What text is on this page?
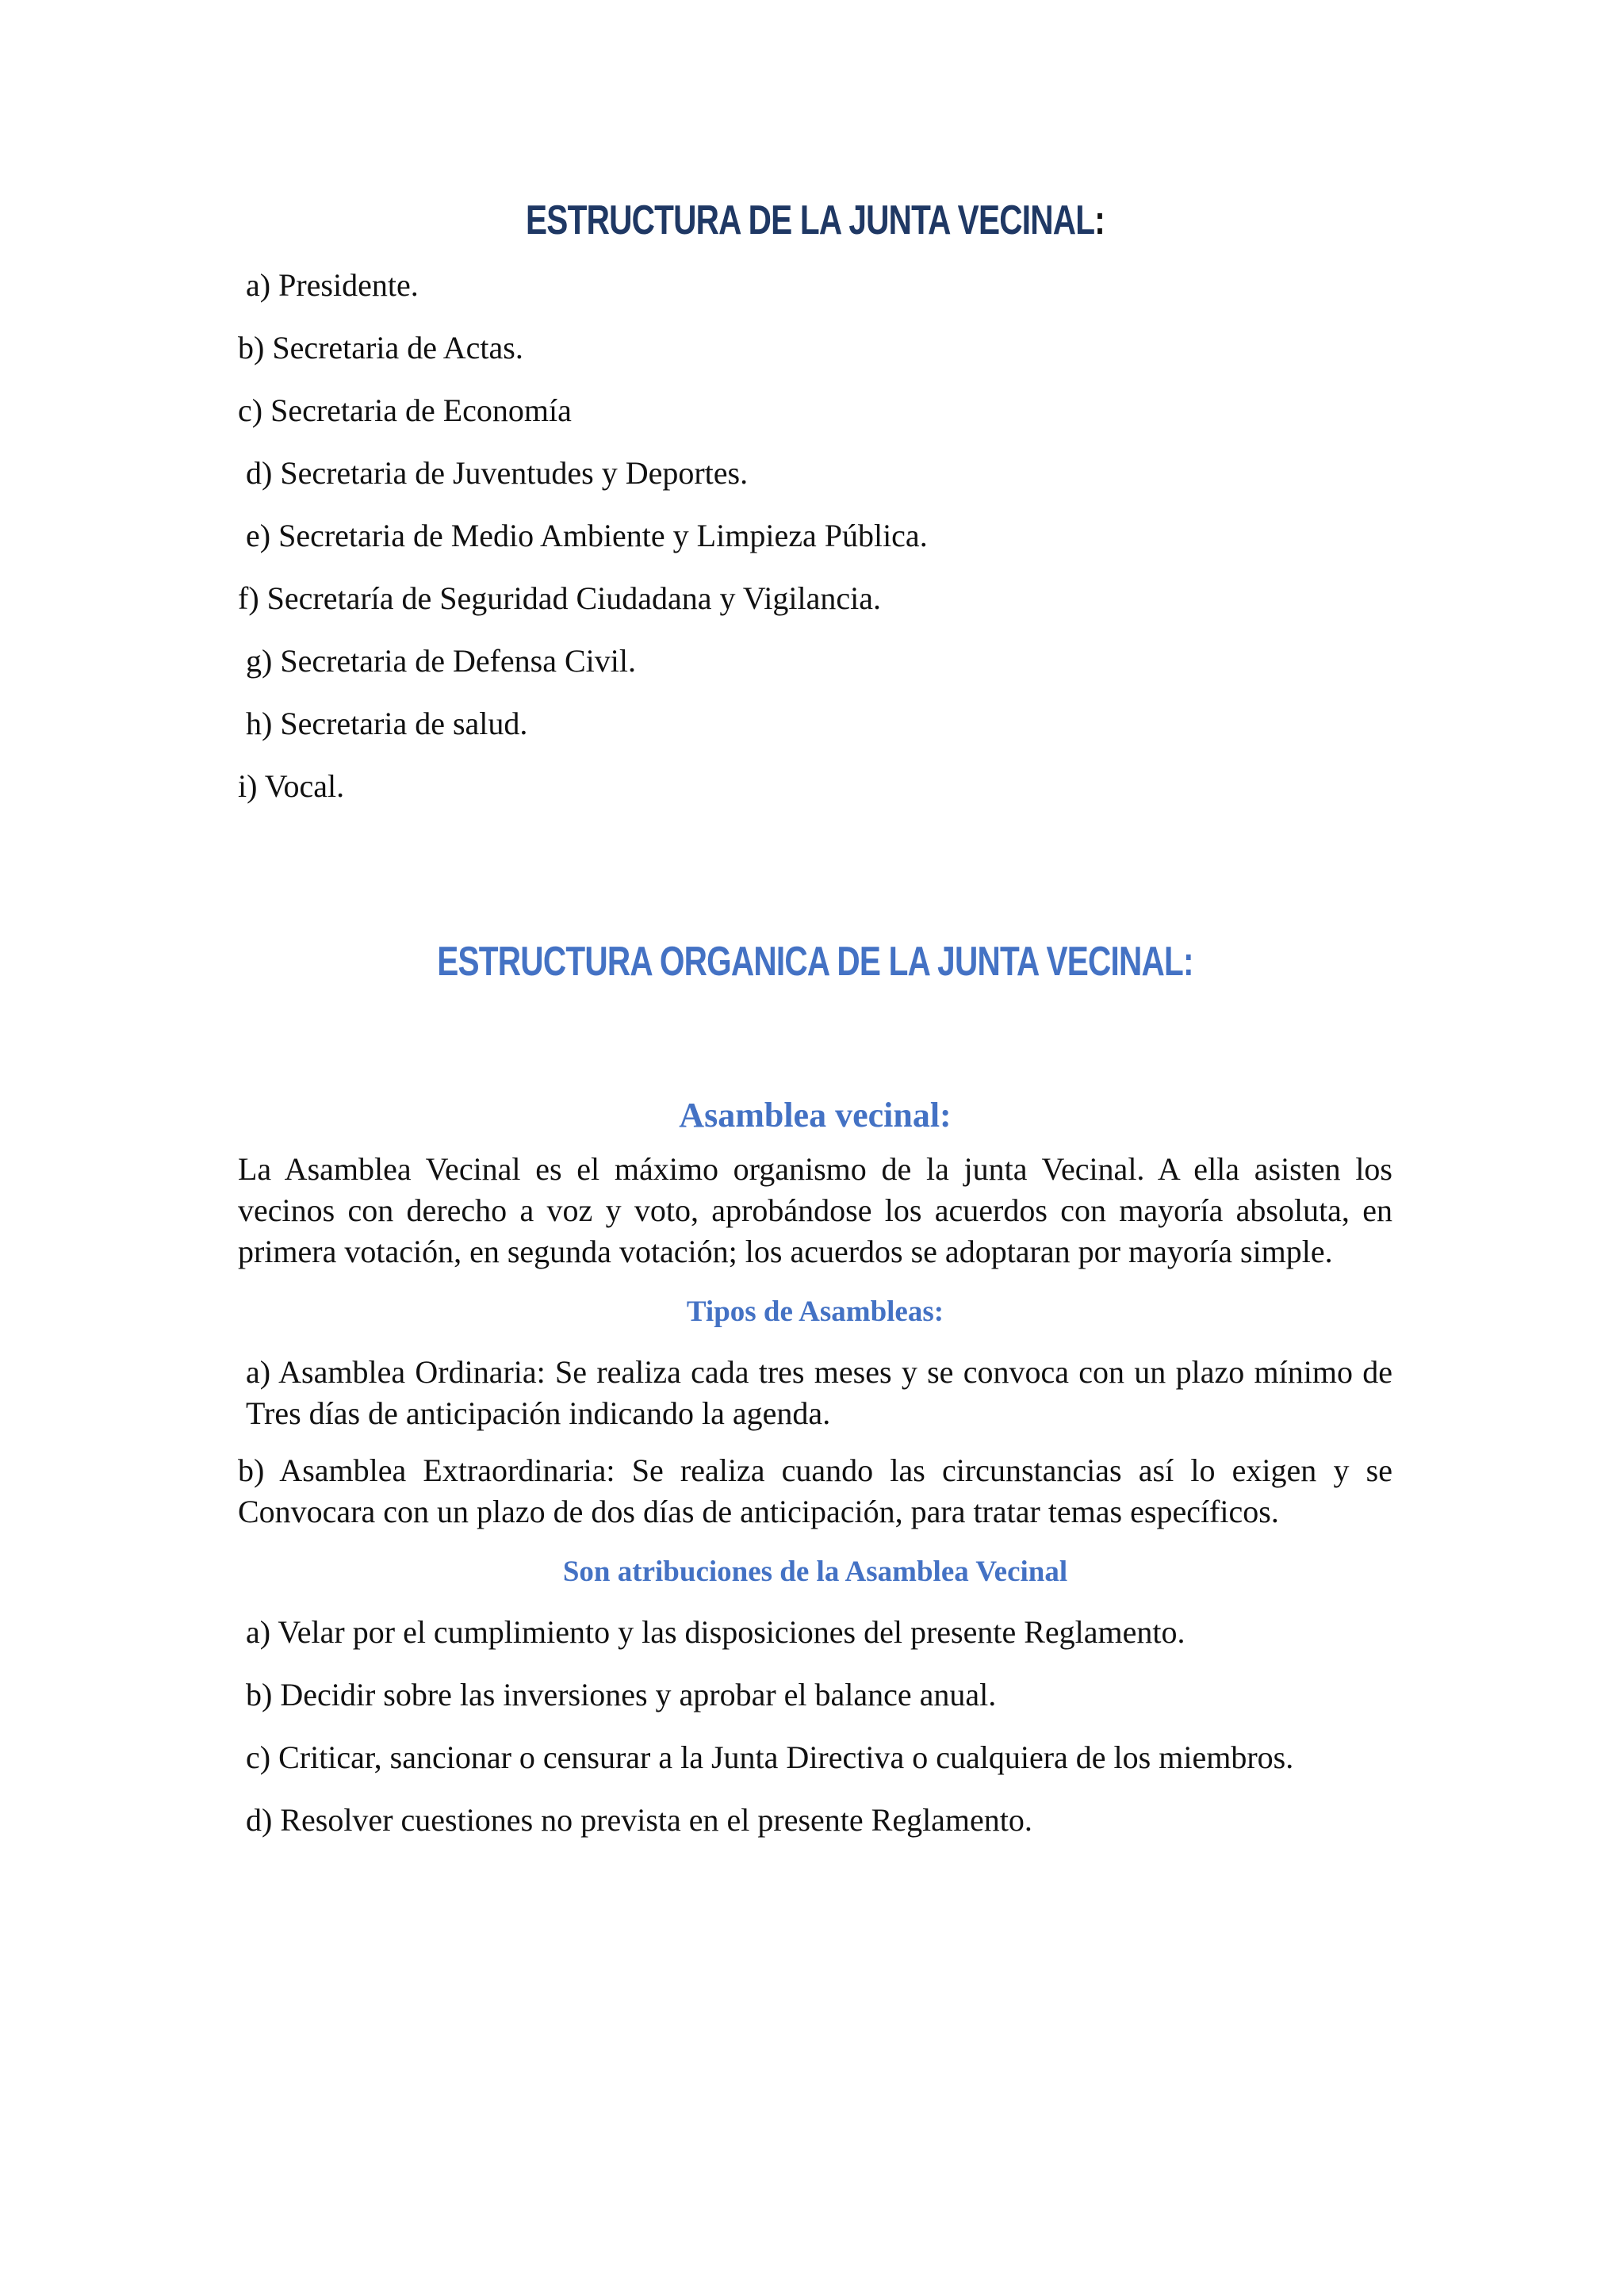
ESTRUCTURA DE LA JUNTA VECINAL:
a) Presidente.
b) Secretaria de Actas.
c) Secretaria de Economía
d) Secretaria de Juventudes y Deportes.
e) Secretaria de Medio Ambiente y Limpieza Pública.
f) Secretaría de Seguridad Ciudadana y Vigilancia.
g) Secretaria de Defensa Civil.
h) Secretaria de salud.
i) Vocal.
ESTRUCTURA ORGANICA DE LA JUNTA VECINAL:
Asamblea vecinal:

La Asamblea Vecinal es el máximo organismo de la junta Vecinal. A ella asisten los vecinos con derecho a voz y voto, aprobándose los acuerdos con mayoría absoluta, en primera votación, en segunda votación; los acuerdos se adoptaran por mayoría simple.

Tipos de Asambleas:

a) Asamblea Ordinaria: Se realiza cada tres meses y se convoca con un plazo mínimo de Tres días de anticipación indicando la agenda.

b) Asamblea Extraordinaria: Se realiza cuando las circunstancias así lo exigen y se Convocara con un plazo de dos días de anticipación, para tratar temas específicos.

Son atribuciones de la Asamblea Vecinal
a) Velar por el cumplimiento y las disposiciones del presente Reglamento.
b) Decidir sobre las inversiones y aprobar el balance anual.
c) Criticar, sancionar o censurar a la Junta Directiva o cualquiera de los miembros.
d) Resolver cuestiones no prevista en el presente Reglamento.
